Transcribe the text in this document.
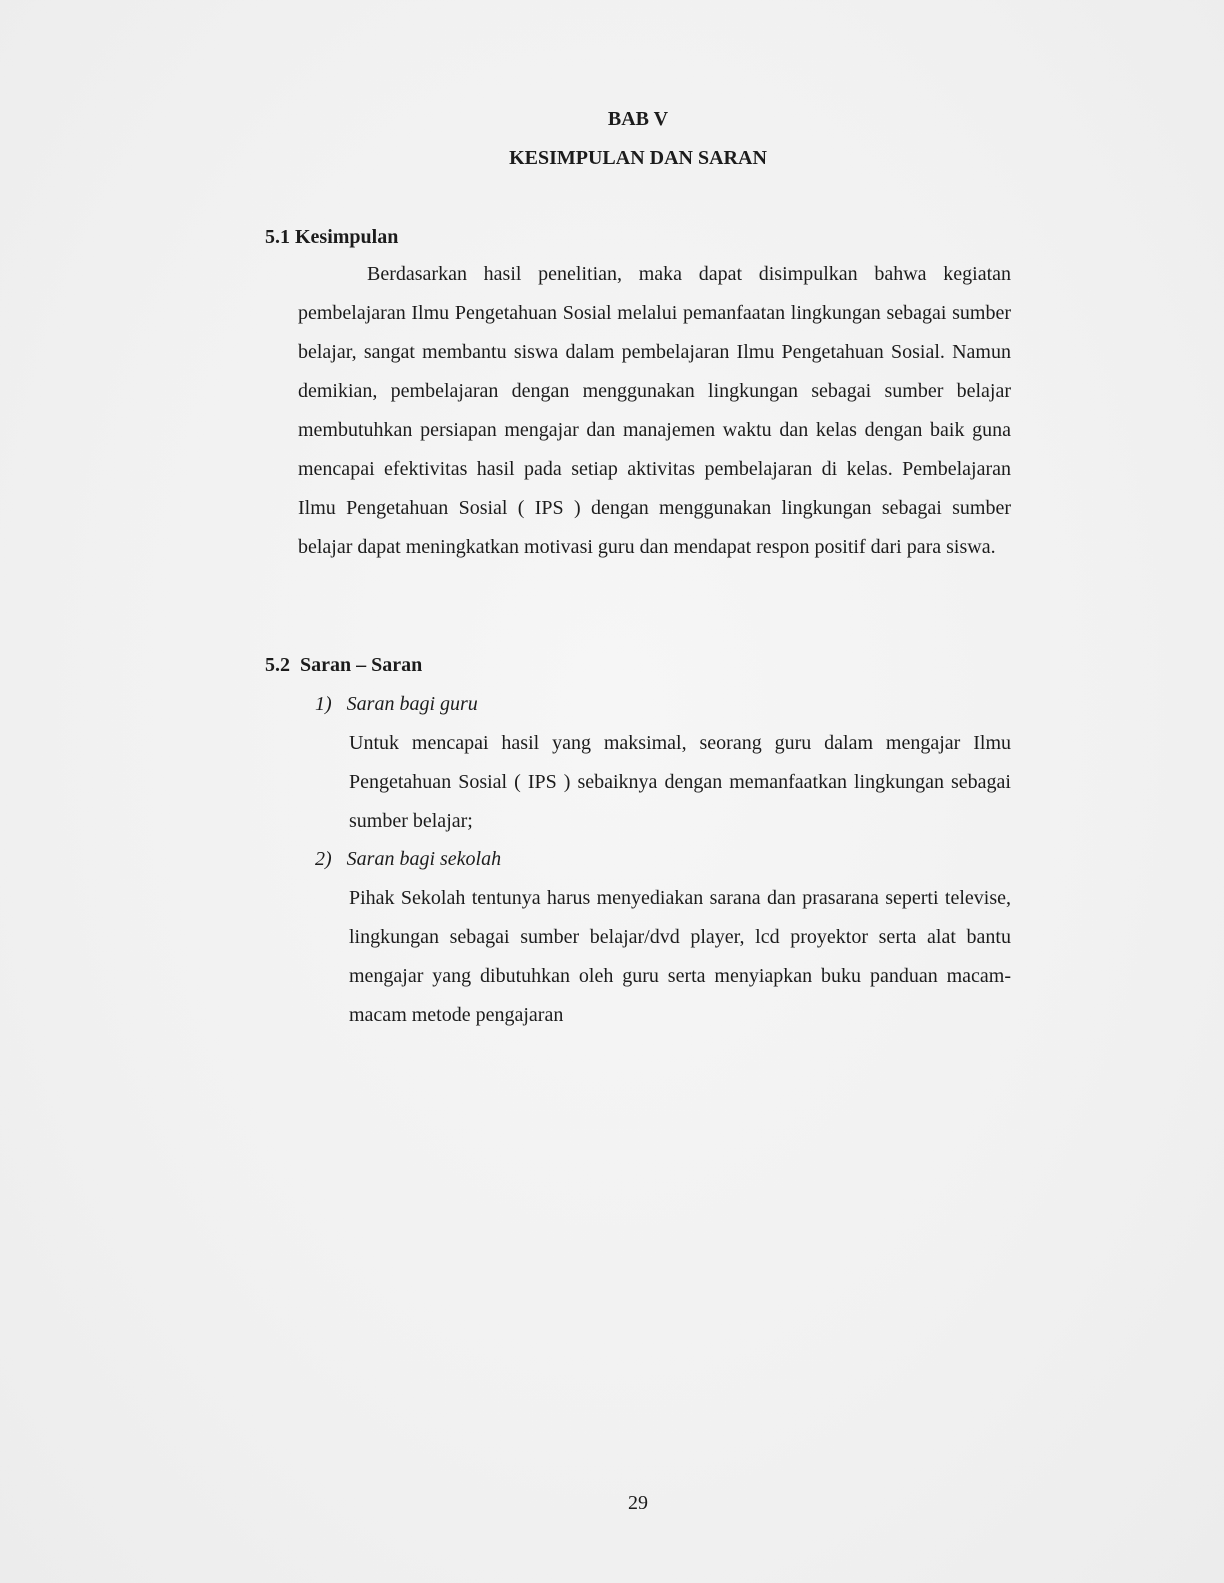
BAB V
KESIMPULAN DAN SARAN
5.1 Kesimpulan

Berdasarkan hasil penelitian, maka dapat disimpulkan bahwa kegiatan pembelajaran Ilmu Pengetahuan Sosial melalui pemanfaatan lingkungan sebagai sumber belajar, sangat membantu siswa dalam pembelajaran Ilmu Pengetahuan Sosial. Namun demikian, pembelajaran dengan menggunakan lingkungan sebagai sumber belajar membutuhkan persiapan mengajar dan manajemen waktu dan kelas dengan baik guna mencapai efektivitas hasil pada setiap aktivitas pembelajaran di kelas. Pembelajaran Ilmu Pengetahuan Sosial ( IPS ) dengan menggunakan lingkungan sebagai sumber belajar dapat meningkatkan motivasi guru dan mendapat respon positif dari para siswa.

5.2  Saran – Saran
1)   Saran bagi guru

Untuk mencapai hasil yang maksimal, seorang guru dalam mengajar Ilmu Pengetahuan Sosial ( IPS ) sebaiknya dengan memanfaatkan lingkungan sebagai sumber belajar;

2)   Saran bagi sekolah

Pihak Sekolah tentunya harus menyediakan sarana dan prasarana seperti televise, lingkungan sebagai sumber belajar/dvd player, lcd proyektor serta alat bantu mengajar yang dibutuhkan oleh guru serta menyiapkan buku panduan macam-macam metode pengajaran

29
